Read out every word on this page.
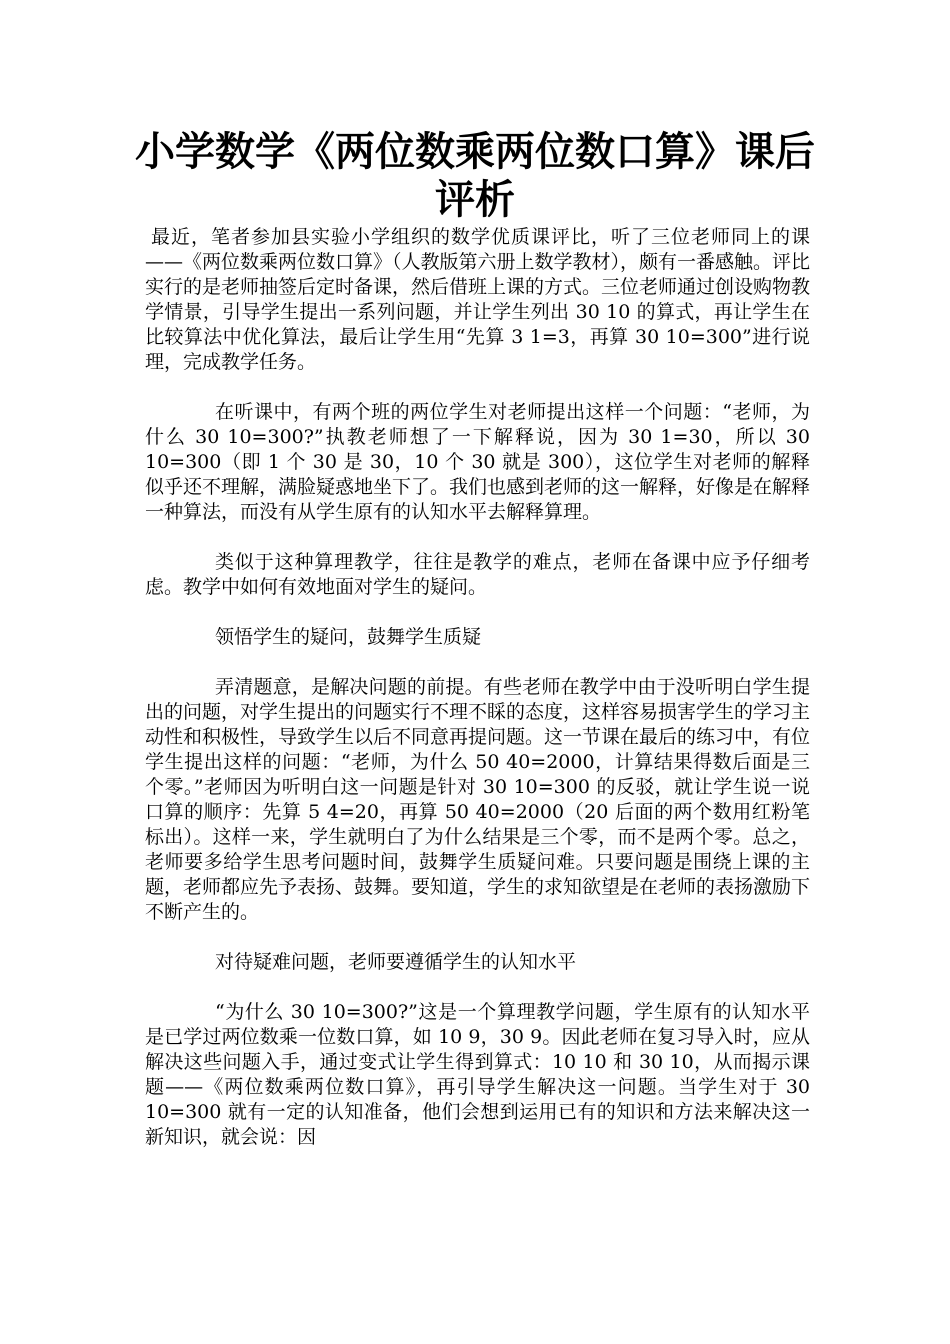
小学数学《两位数乘两位数口算》课后评析

最近，笔者参加县实验小学组织的数学优质课评比，听了三位老师同上的课——《两位数乘两位数口算》（人教版第六册上数学教材），颇有一番感触。评比实行的是老师抽签后定时备课，然后借班上课的方式。三位老师通过创设购物教学情景，引导学生提出一系列问题，并让学生列出 30 10 的算式，再让学生在比较算法中优化算法，最后让学生用“先算 3 1=3，再算 30 10=300”进行说理，完成教学任务。

在听课中，有两个班的两位学生对老师提出这样一个问题：“老师，为什么 30 10=300?”执教老师想了一下解释说，因为 30 1=30，所以 30 10=300（即 1 个 30 是 30，10 个 30 就是 300），这位学生对老师的解释似乎还不理解，满脸疑惑地坐下了。我们也感到老师的这一解释，好像是在解释一种算法，而没有从学生原有的认知水平去解释算理。

类似于这种算理教学，往往是教学的难点，老师在备课中应予仔细考虑。教学中如何有效地面对学生的疑问。

领悟学生的疑问，鼓舞学生质疑

弄清题意，是解决问题的前提。有些老师在教学中由于没听明白学生提出的问题，对学生提出的问题实行不理不睬的态度，这样容易损害学生的学习主动性和积极性，导致学生以后不同意再提问题。这一节课在最后的练习中，有位学生提出这样的问题：“老师，为什么 50 40=2000，计算结果得数后面是三个零。”老师因为听明白这一问题是针对 30 10=300 的反驳，就让学生说一说口算的顺序：先算 5 4=20，再算 50 40=2000（20 后面的两个数用红粉笔标出）。这样一来，学生就明白了为什么结果是三个零，而不是两个零。总之，老师要多给学生思考问题时间，鼓舞学生质疑问难。只要问题是围绕上课的主题，老师都应先予表扬、鼓舞。要知道，学生的求知欲望是在老师的表扬激励下不断产生的。

对待疑难问题，老师要遵循学生的认知水平

“为什么 30 10=300?”这是一个算理教学问题，学生原有的认知水平是已学过两位数乘一位数口算，如 10 9，30 9。因此老师在复习导入时，应从解决这些问题入手，通过变式让学生得到算式：10 10 和 30 10，从而揭示课题——《两位数乘两位数口算》，再引导学生解决这一问题。当学生对于 30 10=300 就有一定的认知准备，他们会想到运用已有的知识和方法来解决这一新知识，就会说：因
